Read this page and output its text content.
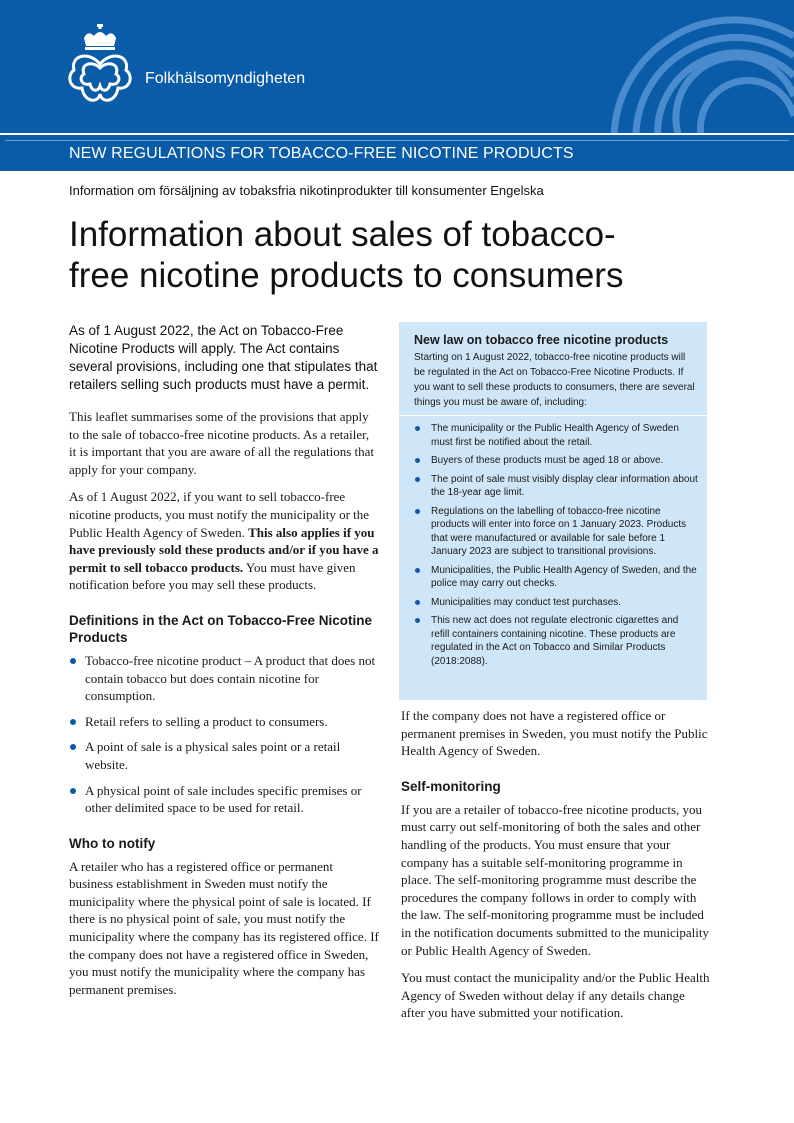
Folkhälsomyndigheten
NEW REGULATIONS FOR TOBACCO-FREE NICOTINE PRODUCTS
Information om försäljning av tobaksfria nikotinprodukter till konsumenter Engelska
Information about sales of tobacco-
free nicotine products to consumers

As of 1 August 2022, the Act on Tobacco-Free Nicotine Products will apply. The Act contains several provisions, including one that stipulates that retailers selling such products must have a permit.

This leaflet summarises some of the provisions that apply to the sale of tobacco-free nicotine products. As a retailer, it is important that you are aware of all the regulations that apply for your company.

As of 1 August 2022, if you want to sell tobacco-free nicotine products, you must notify the municipality or the Public Health Agency of Sweden. This also applies if you have previously sold these products and/or if you have a permit to sell tobacco products. You must have given notification before you may sell these products.

Definitions in the Act on Tobacco-Free Nicotine Products
Tobacco-free nicotine product – A product that does not contain tobacco but does contain nicotine for consumption.
Retail refers to selling a product to consumers.
A point of sale is a physical sales point or a retail website.
A physical point of sale includes specific premises or other delimited space to be used for retail.
Who to notify

A retailer who has a registered office or permanent business establishment in Sweden must notify the municipality where the physical point of sale is located. If there is no physical point of sale, you must notify the municipality where the company has its registered office. If the company does not have a registered office in Sweden, you must notify the municipality where the company has permanent premises.

New law on tobacco free nicotine products

Starting on 1 August 2022, tobacco-free nicotine products will be regulated in the Act on Tobacco-Free Nicotine Products. If you want to sell these products to consumers, there are several things you must be aware of, including:

The municipality or the Public Health Agency of Sweden must first be notified about the retail.
Buyers of these products must be aged 18 or above.
The point of sale must visibly display clear information about the 18-year age limit.
Regulations on the labelling of tobacco-free nicotine products will enter into force on 1 January 2023. Products that were manufactured or available for sale before 1 January 2023 are subject to transitional provisions.
Municipalities, the Public Health Agency of Sweden, and the police may carry out checks.
Municipalities may conduct test purchases.
This new act does not regulate electronic cigarettes and refill containers containing nicotine. These products are regulated in the Act on Tobacco and Similar Products (2018:2088).

If the company does not have a registered office or permanent premises in Sweden, you must notify the Public Health Agency of Sweden.

Self-monitoring

If you are a retailer of tobacco-free nicotine products, you must carry out self-monitoring of both the sales and other handling of the products. You must ensure that your company has a suitable self-monitoring programme in place. The self-monitoring programme must describe the procedures the company follows in order to comply with the law. The self-monitoring programme must be included in the notification documents submitted to the municipality or Public Health Agency of Sweden.

You must contact the municipality and/or the Public Health Agency of Sweden without delay if any details change after you have submitted your notification.
